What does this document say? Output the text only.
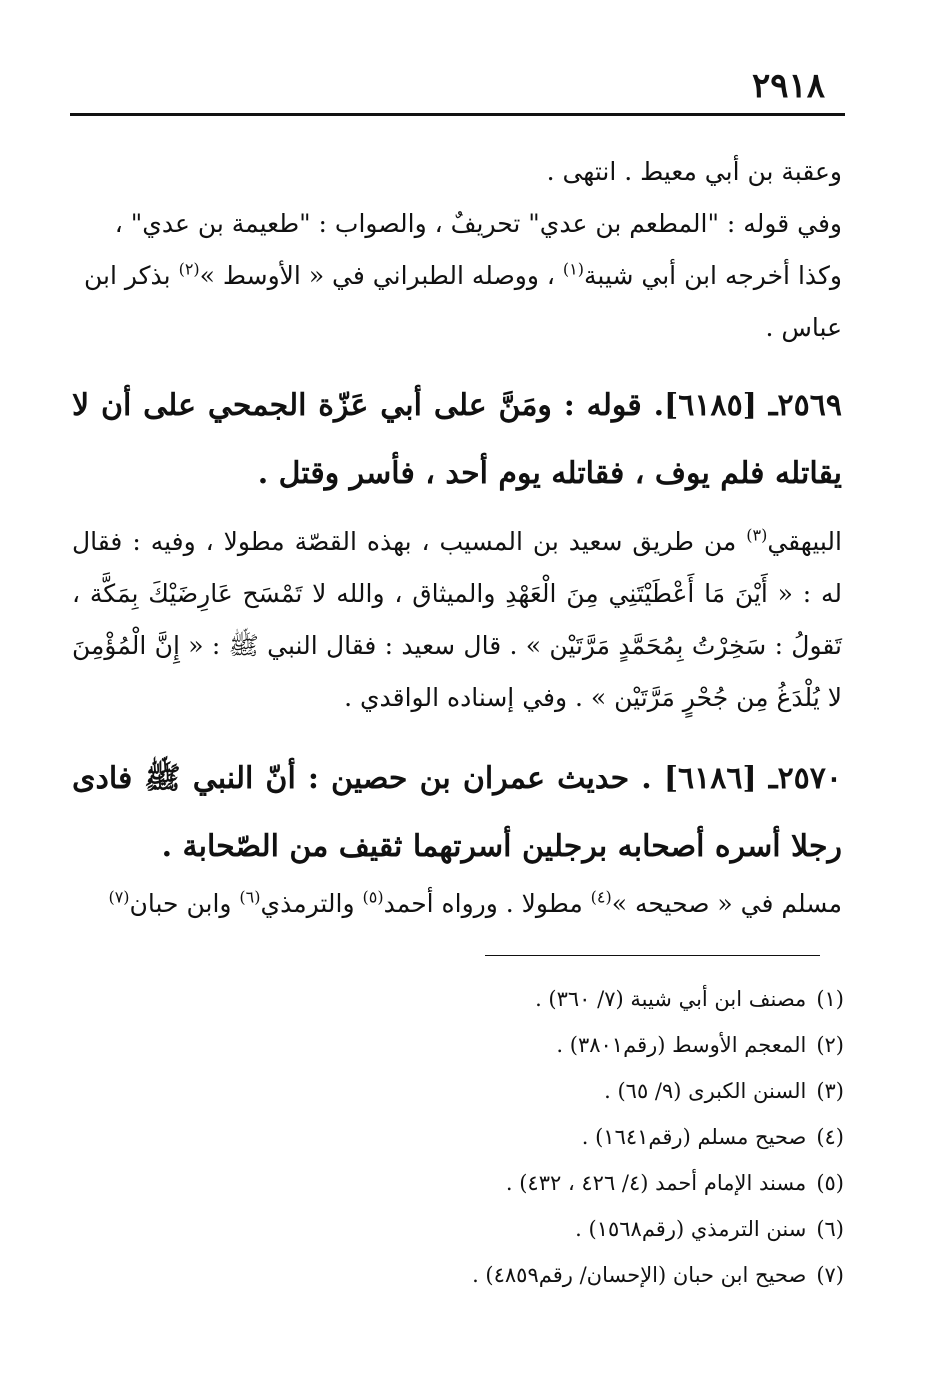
٢٩١٨

وعقبة بن أبي معيط . انتهى .
وفي قوله : "المطعم بن عدي" تحريفٌ ، والصواب : "طعيمة بن عدي" ،
وكذا أخرجه ابن أبي شيبة$^{(١)}$ ، ووصله الطبراني في « الأوسط »$^{(٢)}$ بذكر ابن
عباس .

٢٥٦٩ـ [٦١٨٥]. قوله : ومَنَّ على أبي عَزّة الجمحي على أن لا يقاتله فلم يوف ، فقاتله يوم أحد ، فأسر وقتل .

البيهقي$^{(٣)}$ من طريق سعيد بن المسيب ، بهذه القصّة مطولا ، وفيه : فقال له : « أَيْنَ مَا أَعْطَيْتَنِي مِنَ الْعَهْدِ والميثاق ، والله لا تَمْسَح عَارِضَيْكَ بِمَكَّة ، تَقولُ : سَخِرْتُ بِمُحَمَّدٍ مَرَّتَيْن » . قال سعيد : فقال النبي ﷺ : « إِنَّ الْمُؤْمِنَ لا يُلْدَغُ مِن جُحْرٍ مَرَّتَيْن » . وفي إسناده الواقدي .

٢٥٧٠ـ [٦١٨٦] . حديث عمران بن حصين : أنّ النبي ﷺ فادى رجلا أسره أصحابه برجلين أسرتهما ثقيف من الصّحابة .

مسلم في « صحيحه »$^{(٤)}$ مطولا . ورواه أحمد$^{(٥)}$ والترمذي$^{(٦)}$ وابن حبان$^{(٧)}$

(١)مصنف ابن أبي شيبة (٧/ ٣٦٠) .
(٢)المعجم الأوسط (رقم٣٨٠١) .
(٣)السنن الكبرى (٩/ ٦٥) .
(٤)صحيح مسلم (رقم١٦٤١) .
(٥)مسند الإمام أحمد (٤/ ٤٢٦ ، ٤٣٢) .
(٦)سنن الترمذي (رقم١٥٦٨) .
(٧)صحيح ابن حبان (الإحسان/ رقم٤٨٥٩) .
